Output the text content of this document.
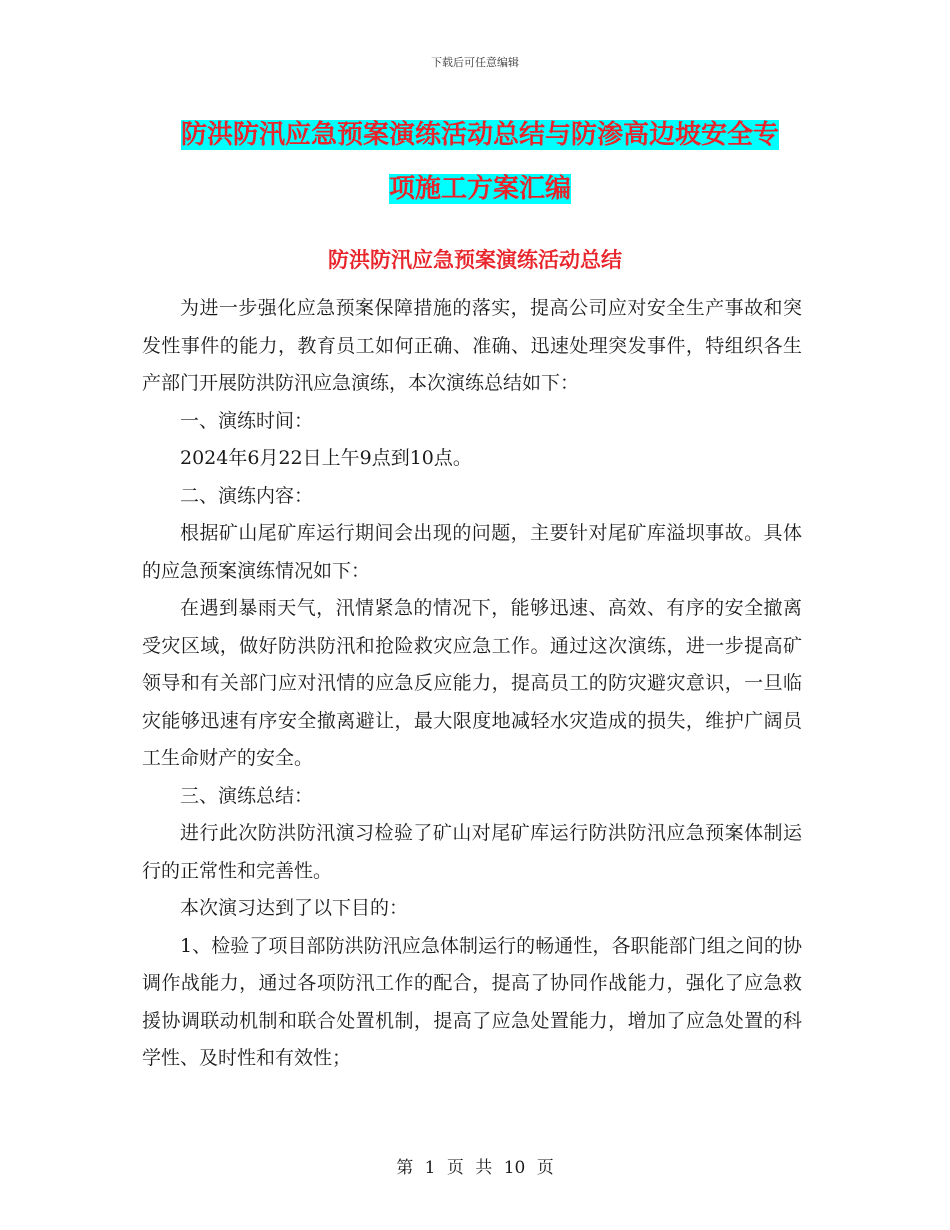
下载后可任意编辑
防洪防汛应急预案演练活动总结与防渗高边坡安全专
项施工方案汇编
防洪防汛应急预案演练活动总结

为进一步强化应急预案保障措施的落实，提高公司应对安全生产事故和突发性事件的能力，教育员工如何正确、准确、迅速处理突发事件，特组织各生产部门开展防洪防汛应急演练，本次演练总结如下：

一、演练时间：

2024年6月22日上午9点到10点。

二、演练内容：

根据矿山尾矿库运行期间会出现的问题，主要针对尾矿库溢坝事故。具体的应急预案演练情况如下：

在遇到暴雨天气，汛情紧急的情况下，能够迅速、高效、有序的安全撤离受灾区域，做好防洪防汛和抢险救灾应急工作。通过这次演练，进一步提高矿领导和有关部门应对汛情的应急反应能力，提高员工的防灾避灾意识，一旦临灾能够迅速有序安全撤离避让，最大限度地减轻水灾造成的损失，维护广阔员工生命财产的安全。

三、演练总结：

进行此次防洪防汛演习检验了矿山对尾矿库运行防洪防汛应急预案体制运行的正常性和完善性。

本次演习达到了以下目的：

1、检验了项目部防洪防汛应急体制运行的畅通性，各职能部门组之间的协调作战能力，通过各项防汛工作的配合，提高了协同作战能力，强化了应急救援协调联动机制和联合处置机制，提高了应急处置能力，增加了应急处置的科学性、及时性和有效性；

第 1 页 共 10 页
